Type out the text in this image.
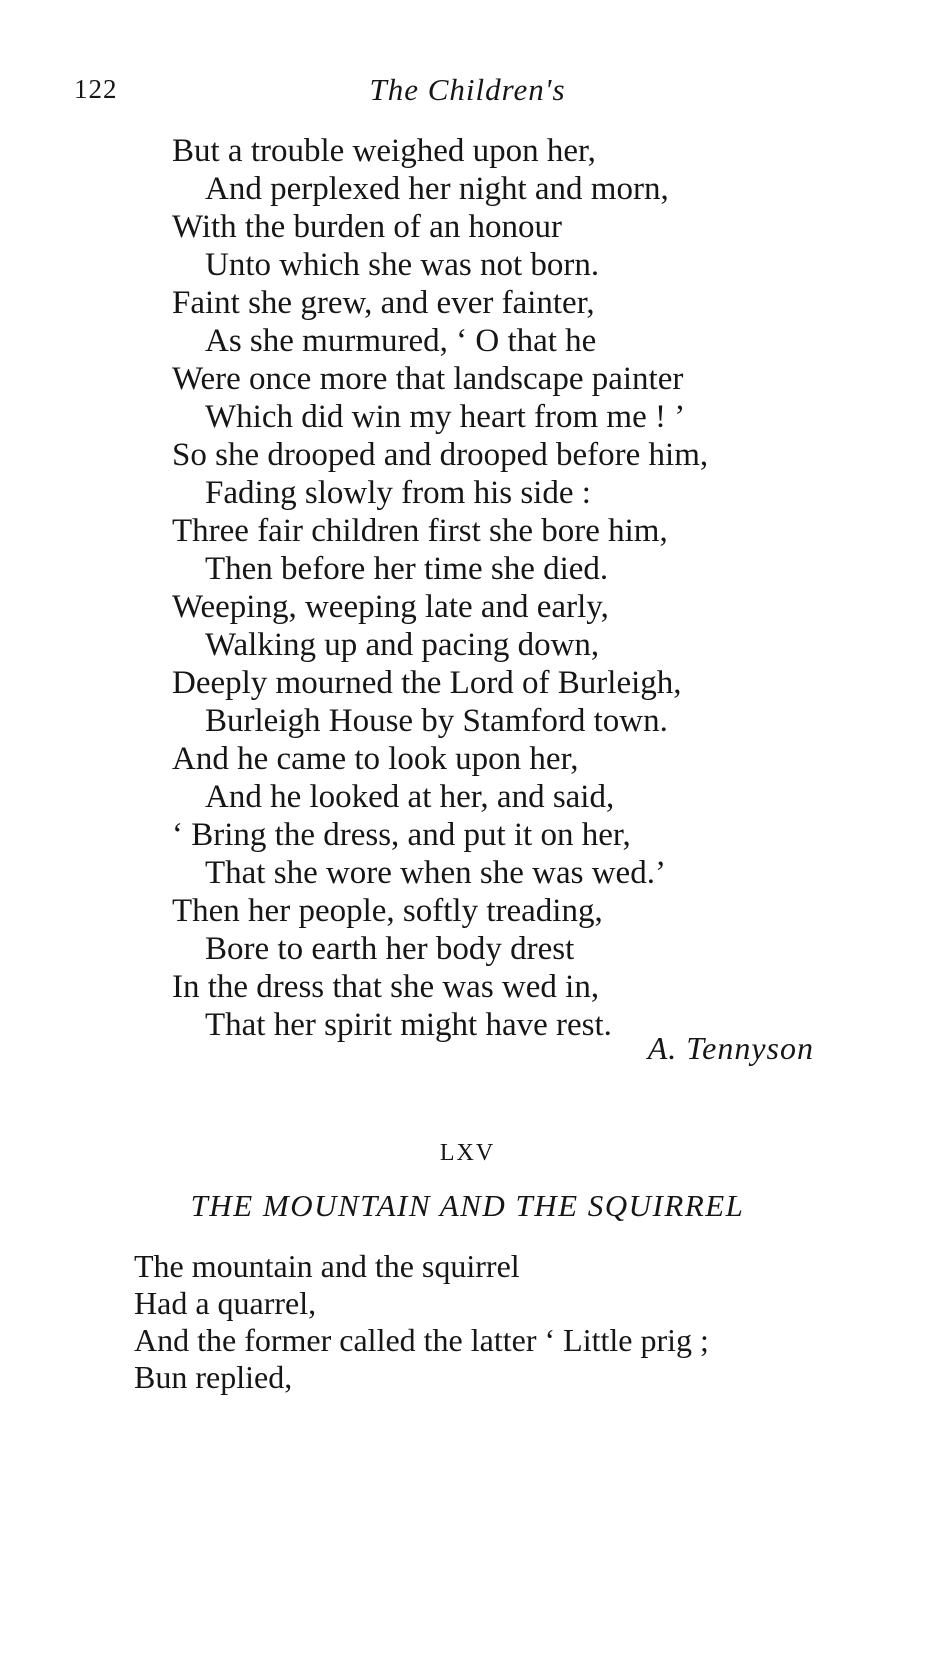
122	The Children's
But a trouble weighed upon her,
And perplexed her night and morn,
With the burden of an honour
Unto which she was not born.
Faint she grew, and ever fainter,
As she murmured, ‘ O that he
Were once more that landscape painter
Which did win my heart from me ! ’
So she drooped and drooped before him,
Fading slowly from his side :
Three fair children first she bore him,
Then before her time she died.
Weeping, weeping late and early,
Walking up and pacing down,
Deeply mourned the Lord of Burleigh,
Burleigh House by Stamford town.
And he came to look upon her,
And he looked at her, and said,
‘ Bring the dress, and put it on her,
That she wore when she was wed.’
Then her people, softly treading,
Bore to earth her body drest
In the dress that she was wed in,
That her spirit might have rest.
A. Tennyson
LXV
THE MOUNTAIN AND THE SQUIRREL
The mountain and the squirrel
Had a quarrel,
And the former called the latter ‘ Little prig ;
Bun replied,
